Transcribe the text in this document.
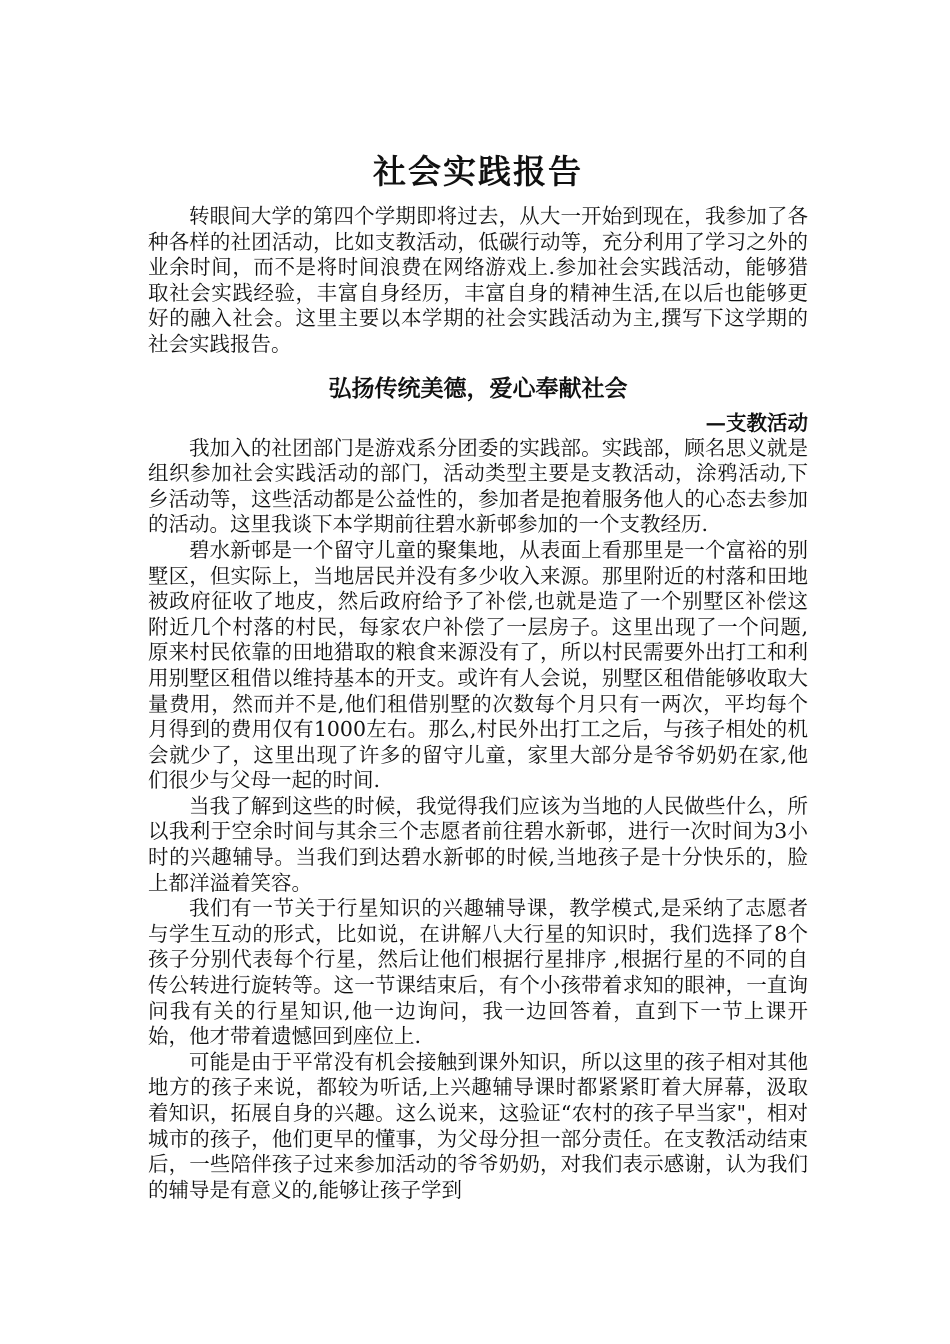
社会实践报告

转眼间大学的第四个学期即将过去，从大一开始到现在，我参加了各种各样的社团活动，比如支教活动，低碳行动等，充分利用了学习之外的业余时间，而不是将时间浪费在网络游戏上.参加社会实践活动，能够猎取社会实践经验，丰富自身经历，丰富自身的精神生活,在以后也能够更好的融入社会。这里主要以本学期的社会实践活动为主,撰写下这学期的社会实践报告。

弘扬传统美德，爱心奉献社会
—支教活动

我加入的社团部门是游戏系分团委的实践部。实践部，顾名思义就是组织参加社会实践活动的部门，活动类型主要是支教活动，涂鸦活动,下乡活动等，这些活动都是公益性的，参加者是抱着服务他人的心态去参加的活动。这里我谈下本学期前往碧水新邨参加的一个支教经历.

碧水新邨是一个留守儿童的聚集地，从表面上看那里是一个富裕的别墅区，但实际上，当地居民并没有多少收入来源。那里附近的村落和田地被政府征收了地皮，然后政府给予了补偿,也就是造了一个别墅区补偿这附近几个村落的村民，每家农户补偿了一层房子。这里出现了一个问题,原来村民依靠的田地猎取的粮食来源没有了，所以村民需要外出打工和利用别墅区租借以维持基本的开支。或许有人会说，别墅区租借能够收取大量费用，然而并不是,他们租借别墅的次数每个月只有一两次，平均每个月得到的费用仅有1000左右。那么,村民外出打工之后，与孩子相处的机会就少了，这里出现了许多的留守儿童，家里大部分是爷爷奶奶在家,他们很少与父母一起的时间.

当我了解到这些的时候，我觉得我们应该为当地的人民做些什么，所以我利于空余时间与其余三个志愿者前往碧水新邨，进行一次时间为3小时的兴趣辅导。当我们到达碧水新邨的时候,当地孩子是十分快乐的，脸上都洋溢着笑容。

我们有一节关于行星知识的兴趣辅导课，教学模式,是采纳了志愿者与学生互动的形式，比如说，在讲解八大行星的知识时，我们选择了8个孩子分别代表每个行星，然后让他们根据行星排序 ,根据行星的不同的自传公转进行旋转等。这一节课结束后，有个小孩带着求知的眼神，一直询问我有关的行星知识,他一边询问，我一边回答着，直到下一节上课开始，他才带着遗憾回到座位上.

可能是由于平常没有机会接触到课外知识，所以这里的孩子相对其他地方的孩子来说，都较为听话,上兴趣辅导课时都紧紧盯着大屏幕，汲取着知识，拓展自身的兴趣。这么说来，这验证“农村的孩子早当家"，相对城市的孩子，他们更早的懂事，为父母分担一部分责任。在支教活动结束后，一些陪伴孩子过来参加活动的爷爷奶奶，对我们表示感谢，认为我们的辅导是有意义的,能够让孩子学到
